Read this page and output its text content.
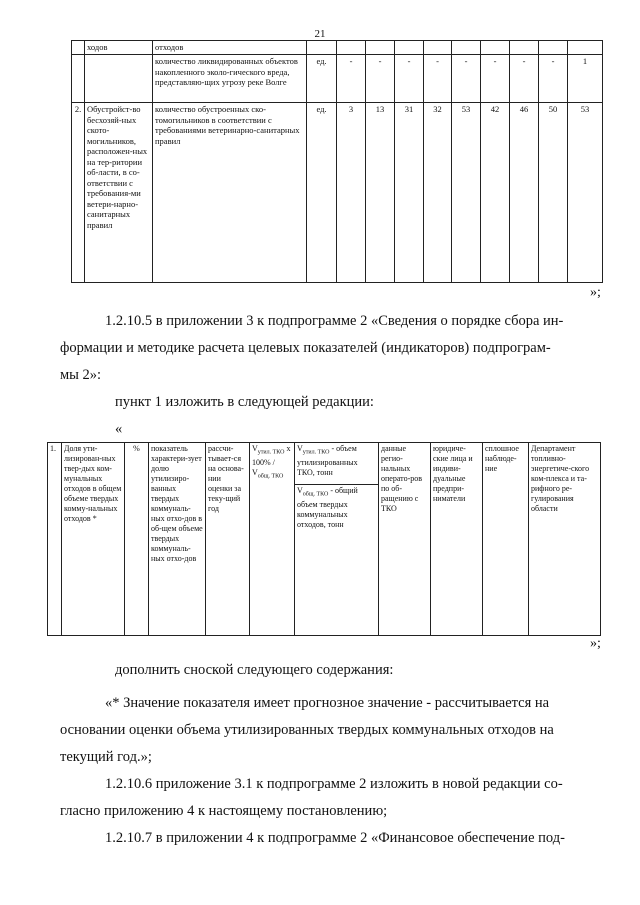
21
	ходов	отходов										
		количество ликвидированных объектов накопленного эколо-гического вреда, представляю-щих угрозу реке Волге	ед.	-	-	-	-	-	-	-	-	1
2.	Обустройст-во бесхозяй-ных ското-могильников, расположен-ных на тер-ритории об-ласти, в со-ответствии с требования-ми ветери-нарно-санитарных правил	количество обустроенных ско-томогильников в соответствии с требованиями ветеринарно-санитарных правил	ед.	3	13	31	32	53	42	46	50	53
»;
1.2.10.5 в приложении 3 к подпрограмме 2 «Сведения о порядке сбора ин-
формации и методике расчета целевых показателей (индикаторов) подпрограм-
мы 2»:
пункт 1 изложить в следующей редакции:
«
1.	Доля ути-лизирован-ных твер-дых ком-мунальных отходов в общем объеме твердых комму-нальных отходов *	%	показатель характери-зует долю утилизиро-ванных твердых коммуналь-ных отхо-дов в об-щем объеме твердых коммуналь-ных отхо-дов	рассчи-тывает-ся на основа-нии оценки за теку-щий год	$V_{утил. ТКО}$ x $100\% / V_{общ. ТКО}$	$V_{утил. ТКО}$ - объем утилизированных ТКО, тонн	данные регио-нальных операто-ров по об-ращению с ТКО	юридиче-ские лица и индиви-дуальные предпри-ниматели	сплошное наблюде-ние	Департамент топливно-энергетиче-ского ком-плекса и та-рифного ре-гулирования области
$V_{общ. ТКО}$ - общий объем твердых коммунальных отходов, тонн
»;
дополнить сноской следующего содержания:
«* Значение показателя имеет прогнозное значение - рассчитывается на
основании оценки объема утилизированных твердых коммунальных отходов на
текущий год.»;
1.2.10.6 приложение 3.1 к подпрограмме 2 изложить в новой редакции со-
гласно приложению 4 к настоящему постановлению;
1.2.10.7 в приложении 4 к подпрограмме 2 «Финансовое обеспечение под-
